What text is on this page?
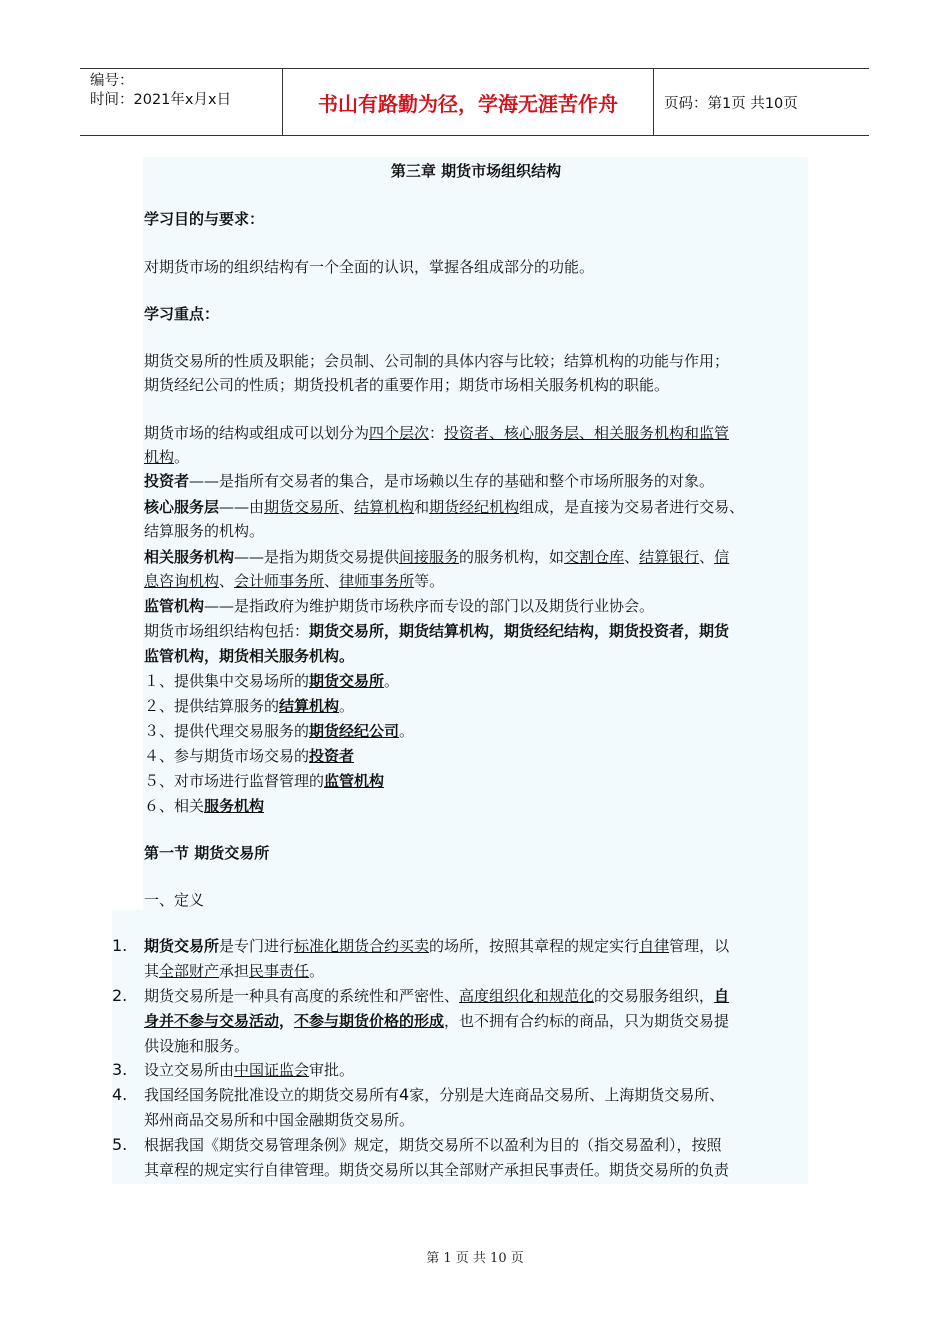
编号：
时间：2021年x月x日	书山有路勤为径，学海无涯苦作舟	页码：第1页 共10页
第三章 期货市场组织结构
学习目的与要求：
对期货市场的组织结构有一个全面的认识，掌握各组成部分的功能。
学习重点：
期货交易所的性质及职能；会员制、公司制的具体内容与比较；结算机构的功能与作用；
期货经纪公司的性质；期货投机者的重要作用；期货市场相关服务机构的职能。
期货市场的结构或组成可以划分为四个层次：投资者、核心服务层、相关服务机构和监管
机构。
投资者——是指所有交易者的集合，是市场赖以生存的基础和整个市场所服务的对象。
核心服务层——由期货交易所、结算机构和期货经纪机构组成，是直接为交易者进行交易、
结算服务的机构。
相关服务机构——是指为期货交易提供间接服务的服务机构，如交割仓库、结算银行、信
息咨询机构、会计师事务所、律师事务所等。
监管机构——是指政府为维护期货市场秩序而专设的部门以及期货行业协会。
期货市场组织结构包括：期货交易所，期货结算机构，期货经纪结构，期货投资者，期货
监管机构，期货相关服务机构。
１、提供集中交易场所的期货交易所。
２、提供结算服务的结算机构。
３、提供代理交易服务的期货经纪公司。
４、参与期货市场交易的投资者
５、对市场进行监督管理的监管机构
６、相关服务机构
第一节 期货交易所
一、定义
1.	期货交易所是专门进行标准化期货合约买卖的场所，按照其章程的规定实行自律管理，以
其全部财产承担民事责任。
2.	期货交易所是一种具有高度的系统性和严密性、高度组织化和规范化的交易服务组织，自
身并不参与交易活动，不参与期货价格的形成，也不拥有合约标的商品，只为期货交易提
供设施和服务。
3.	设立交易所由中国证监会审批。
4.	我国经国务院批准设立的期货交易所有4家，分别是大连商品交易所、上海期货交易所、
郑州商品交易所和中国金融期货交易所。
5.	根据我国《期货交易管理条例》规定，期货交易所不以盈利为目的（指交易盈利），按照
其章程的规定实行自律管理。期货交易所以其全部财产承担民事责任。期货交易所的负责
第 1 页 共 10 页
